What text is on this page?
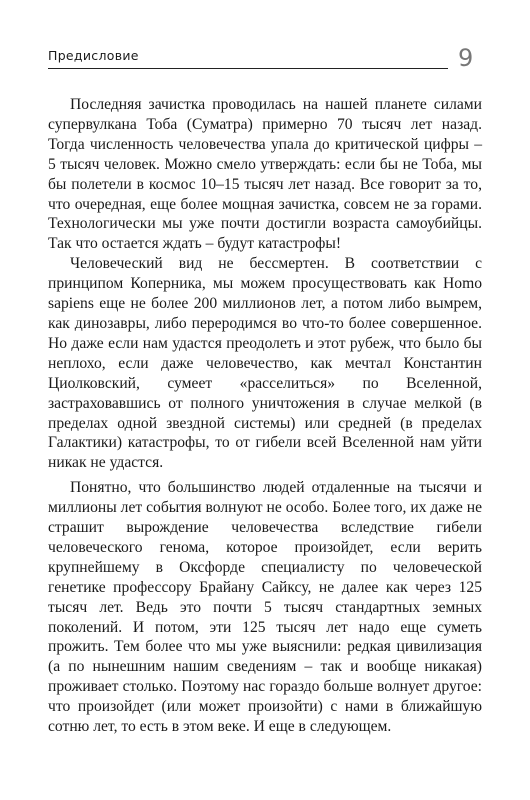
Предисловие	9

Последняя зачистка проводилась на нашей планете силами супервулкана Тоба (Суматра) примерно 70 тысяч лет назад. Тогда численность человечества упала до критической цифры – 5 тысяч человек. Можно смело утверждать: если бы не Тоба, мы бы полетели в космос 10–15 тысяч лет назад. Все говорит за то, что очередная, еще более мощная зачистка, совсем не за горами. Технологически мы уже почти достигли возраста самоубийцы. Так что остается ждать – будут катастрофы!

Человеческий вид не бессмертен. В соответствии с принципом Коперника, мы можем просуществовать как Homo sapiens еще не более 200 миллионов лет, а потом либо вымрем, как динозавры, либо переродимся во что-то более совершенное. Но даже если нам удастся преодолеть и этот рубеж, что было бы неплохо, если даже человечество, как мечтал Константин Циолковский, сумеет «расселиться» по Вселенной, застраховавшись от полного уничтожения в случае мелкой (в пределах одной звездной системы) или средней (в пределах Галактики) катастрофы, то от гибели всей Вселенной нам уйти никак не удастся.

Понятно, что большинство людей отдаленные на тысячи и миллионы лет события волнуют не особо. Более того, их даже не страшит вырождение человечества вследствие гибели человеческого генома, которое произойдет, если верить крупнейшему в Оксфорде специалисту по человеческой генетике профессору Брайану Сайксу, не далее как через 125 тысяч лет. Ведь это почти 5 тысяч стандартных земных поколений. И потом, эти 125 тысяч лет надо еще суметь прожить. Тем более что мы уже выяснили: редкая цивилизация (а по нынешним нашим сведениям – так и вообще никакая) проживает столько. Поэтому нас гораздо больше волнует другое: что произойдет (или может произойти) с нами в ближайшую сотню лет, то есть в этом веке. И еще в следующем.
